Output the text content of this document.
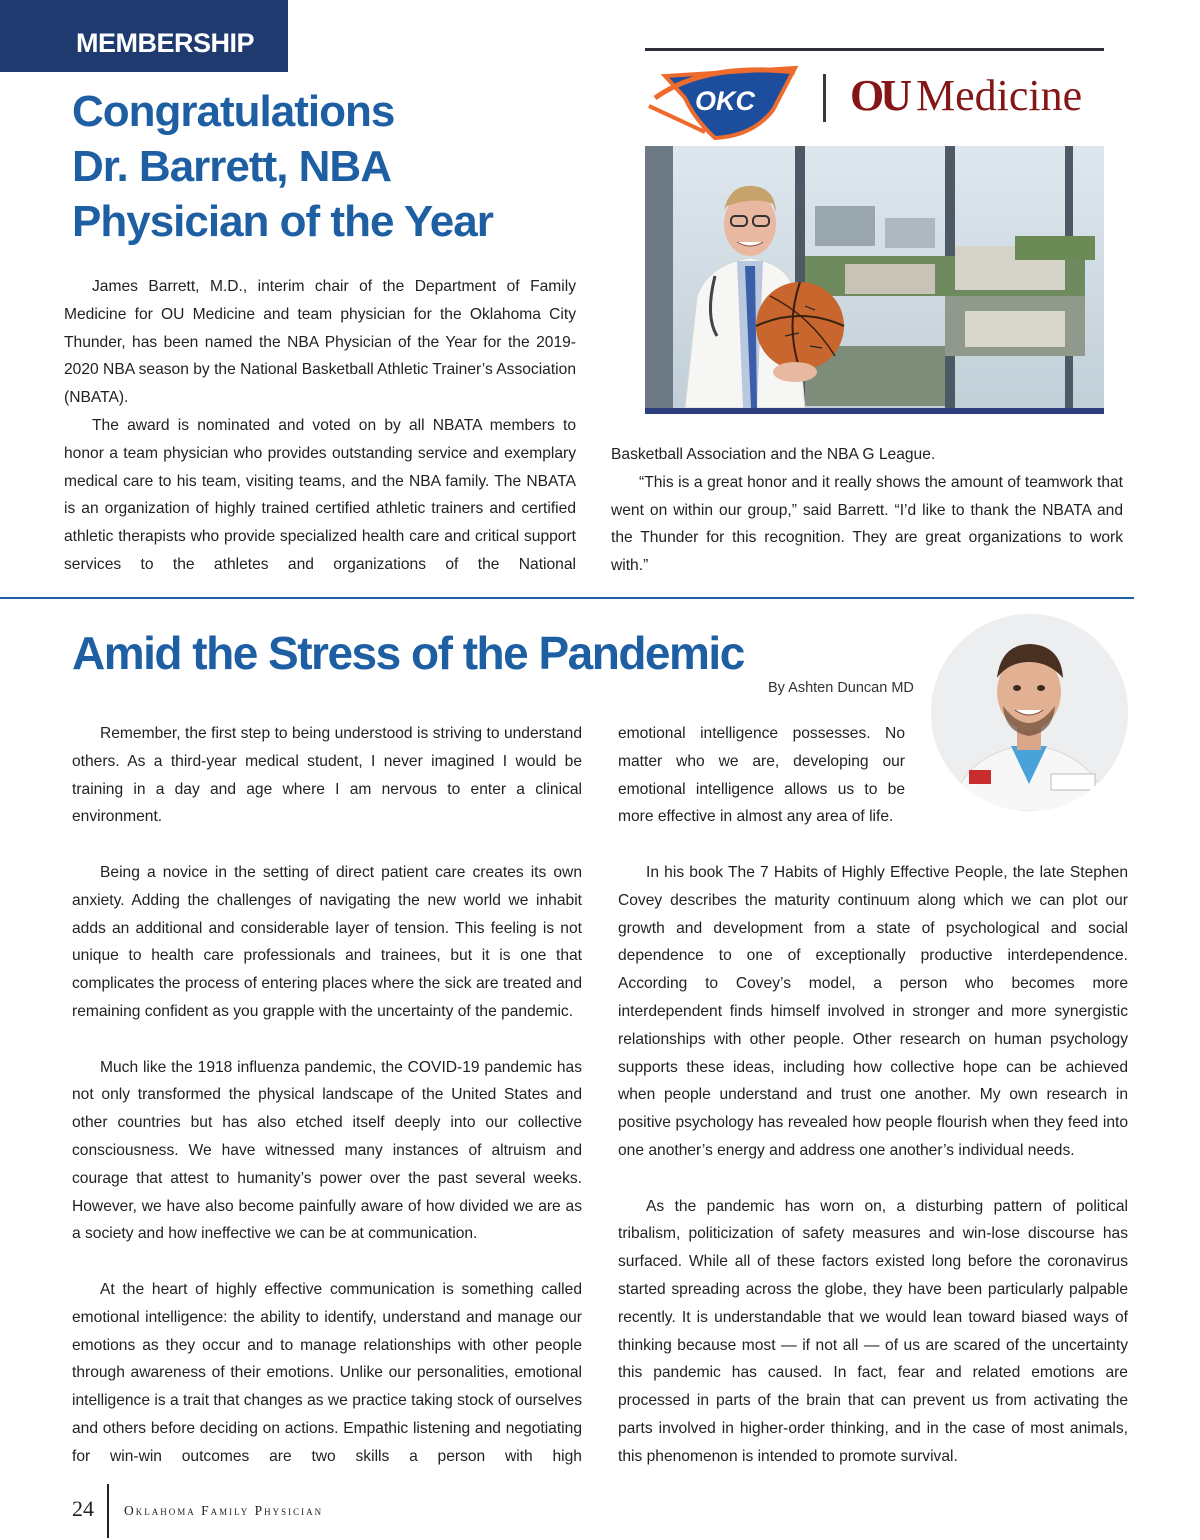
MEMBERSHIP
Congratulations
Dr. Barrett, NBA
Physician of the Year
OKC OU Medicine

James Barrett, M.D., interim chair of the Department of Family Medicine for OU Medicine and team physician for the Oklahoma City Thunder, has been named the NBA Physician of the Year for the 2019-2020 NBA season by the National Basketball Athletic Trainer’s Association (NBATA).

The award is nominated and voted on by all NBATA members to honor a team physician who provides outstanding service and exemplary medical care to his team, visiting teams, and the NBA family. The NBATA is an organization of highly trained certified athletic trainers and certified athletic therapists who provide specialized health care and critical support services to the athletes and organizations of the National

Basketball Association and the NBA G League.

“This is a great honor and it really shows the amount of teamwork that went on within our group,” said Barrett. “I’d like to thank the NBATA and the Thunder for this recognition. They are great organizations to work with.”

Amid the Stress of the Pandemic
By Ashten Duncan MD

Remember, the first step to being understood is striving to understand others. As a third-year medical student, I never imagined I would be training in a day and age where I am nervous to enter a clinical environment.

Being a novice in the setting of direct patient care creates its own anxiety. Adding the challenges of navigating the new world we inhabit adds an additional and considerable layer of tension. This feeling is not unique to health care professionals and trainees, but it is one that complicates the process of entering places where the sick are treated and remaining confident as you grapple with the uncertainty of the pandemic.

Much like the 1918 influenza pandemic, the COVID-19 pandemic has not only transformed the physical landscape of the United States and other countries but has also etched itself deeply into our collective consciousness. We have witnessed many instances of altruism and courage that attest to humanity’s power over the past several weeks. However, we have also become painfully aware of how divided we are as a society and how ineffective we can be at communication.

At the heart of highly effective communication is something called emotional intelligence: the ability to identify, understand and manage our emotions as they occur and to manage relationships with other people through awareness of their emotions. Unlike our personalities, emotional intelligence is a trait that changes as we practice taking stock of ourselves and others before deciding on actions. Empathic listening and negotiating for win-win outcomes are two skills a person with high

emotional intelligence possesses. No matter who we are, developing our emotional intelligence allows us to be more effective in almost any area of life.

In his book The 7 Habits of Highly Effective People, the late Stephen Covey describes the maturity continuum along which we can plot our growth and development from a state of psychological and social dependence to one of exceptionally productive interdependence. According to Covey’s model, a person who becomes more interdependent finds himself involved in stronger and more synergistic relationships with other people. Other research on human psychology supports these ideas, including how collective hope can be achieved when people understand and trust one another. My own research in positive psychology has revealed how people flourish when they feed into one another’s energy and address one another’s individual needs.

As the pandemic has worn on, a disturbing pattern of political tribalism, politicization of safety measures and win-lose discourse has surfaced. While all of these factors existed long before the coronavirus started spreading across the globe, they have been particularly palpable recently. It is understandable that we would lean toward biased ways of thinking because most — if not all — of us are scared of the uncertainty this pandemic has caused. In fact, fear and related emotions are processed in parts of the brain that can prevent us from activating the parts involved in higher-order thinking, and in the case of most animals, this phenomenon is intended to promote survival.

24 Oklahoma Family Physician
